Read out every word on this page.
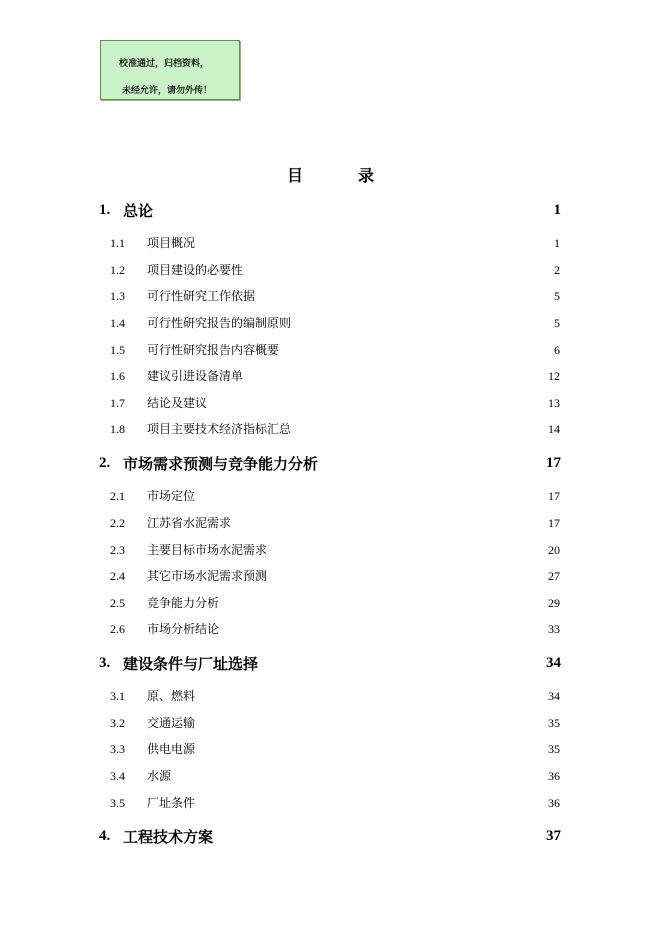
校准通过，归档资料，
未经允许，请勿外传！
目	录
1. 总论	1
1.1 项目概况	1
1.2 项目建设的必要性	2
1.3 可行性研究工作依据	5
1.4 可行性研究报告的编制原则	5
1.5 可行性研究报告内容概要	6
1.6 建议引进设备清单	12
1.7 结论及建议	13
1.8 项目主要技术经济指标汇总	14
2. 市场需求预测与竞争能力分析	17
2.1 市场定位	17
2.2 江苏省水泥需求	17
2.3 主要目标市场水泥需求	20
2.4 其它市场水泥需求预测	27
2.5 竞争能力分析	29
2.6 市场分析结论	33
3. 建设条件与厂址选择	34
3.1 原、燃料	34
3.2 交通运输	35
3.3 供电电源	35
3.4 水源	36
3.5 厂址条件	36
4. 工程技术方案	37
